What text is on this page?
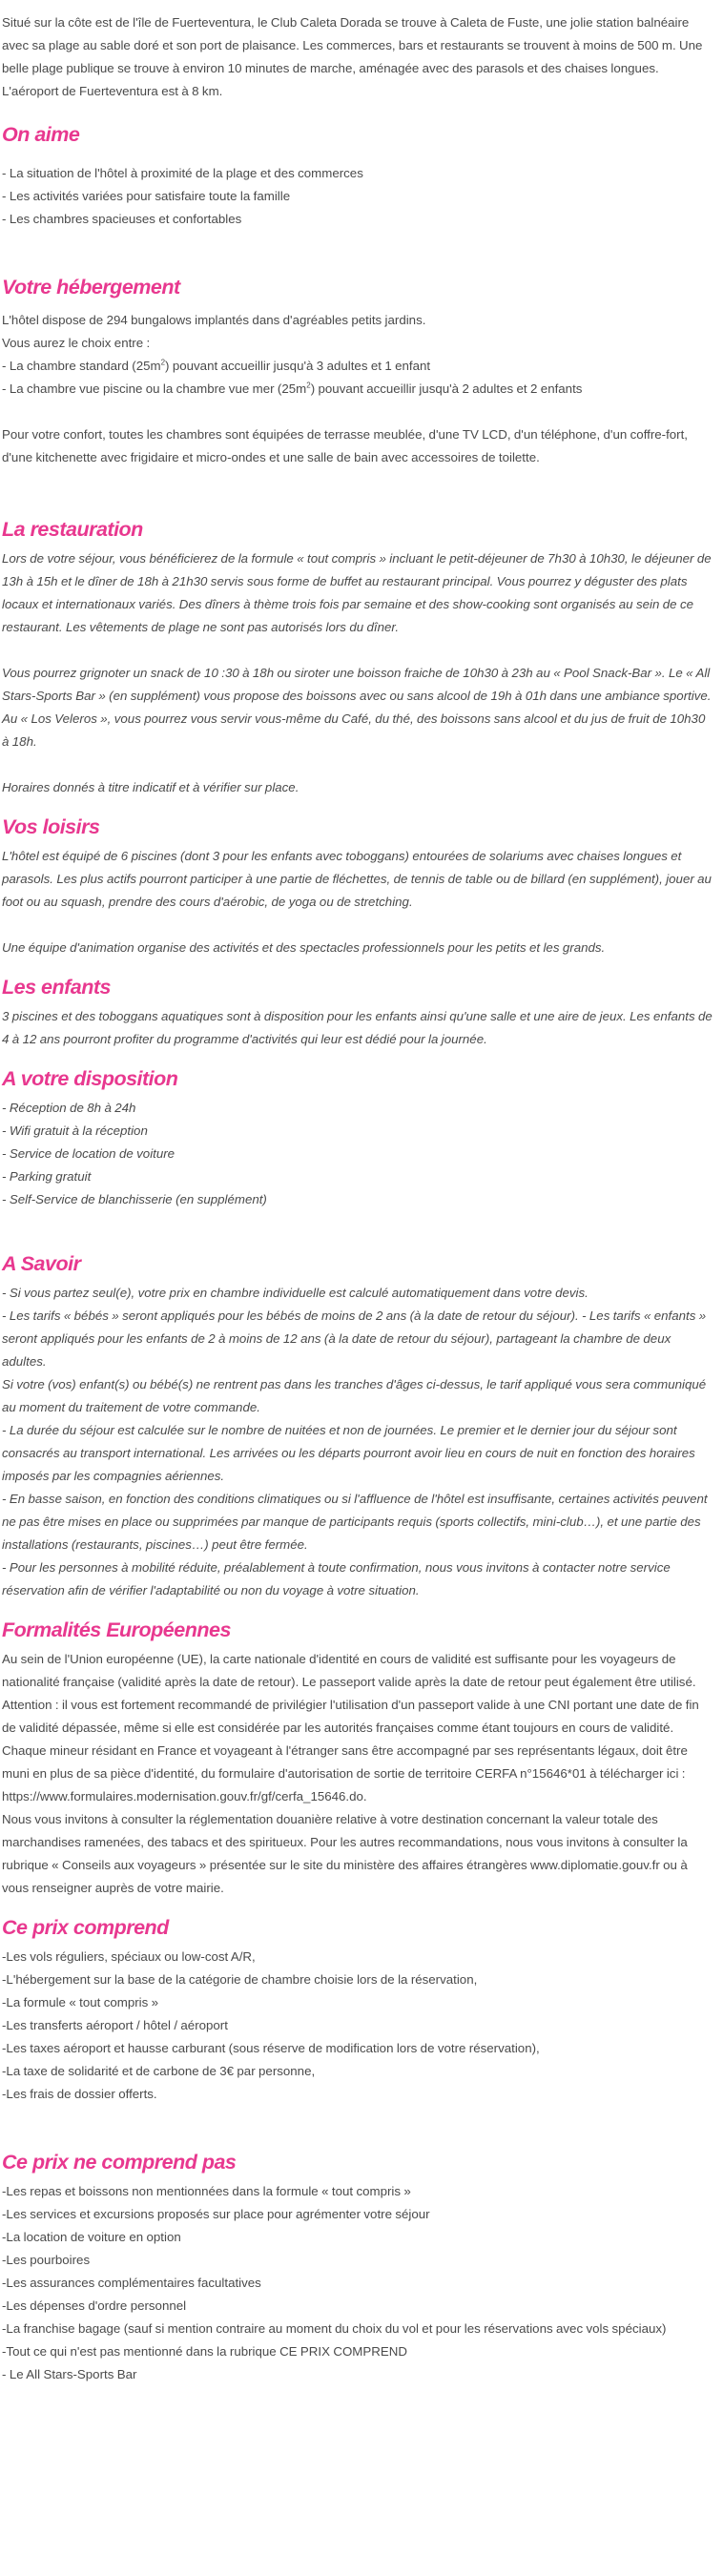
Situé sur la côte est de l'île de Fuerteventura, le Club Caleta Dorada se trouve à Caleta de Fuste, une jolie station balnéaire avec sa plage au sable doré et son port de plaisance. Les commerces, bars et restaurants se trouvent à moins de 500 m. Une belle plage publique se trouve à environ 10 minutes de marche, aménagée avec des parasols et des chaises longues. L'aéroport de Fuerteventura est à 8 km.

On aime

- La situation de l'hôtel à proximité de la plage et des commerces

- Les activités variées pour satisfaire toute la famille

- Les chambres spacieuses et confortables

Votre hébergement

L'hôtel dispose de 294 bungalows implantés dans d'agréables petits jardins.

Vous aurez le choix entre :

- La chambre standard $(25m^2)$ pouvant accueillir jusqu'à 3 adultes et 1 enfant

- La chambre vue piscine ou la chambre vue mer $(25m^2)$ pouvant accueillir jusqu'à 2 adultes et 2 enfants

Pour votre confort, toutes les chambres sont équipées de terrasse meublée, d'une TV LCD, d'un téléphone, d'un coffre-fort, d'une kitchenette avec frigidaire et micro-ondes et une salle de bain avec accessoires de toilette.

La restauration

Lors de votre séjour, vous bénéficierez de la formule « tout compris » incluant le petit-déjeuner de 7h30 à 10h30, le déjeuner de 13h à 15h et le dîner de 18h à 21h30 servis sous forme de buffet au restaurant principal. Vous pourrez y déguster des plats locaux et internationaux variés. Des dîners à thème trois fois par semaine et des show-cooking sont organisés au sein de ce restaurant. Les vêtements de plage ne sont pas autorisés lors du dîner.

Vous pourrez grignoter un snack de 10 :30 à 18h ou siroter une boisson fraiche de 10h30 à 23h au « Pool Snack-Bar ». Le « All Stars-Sports Bar » (en supplément) vous propose des boissons avec ou sans alcool de 19h à 01h dans une ambiance sportive. Au « Los Veleros », vous pourrez vous servir vous-même du Café, du thé, des boissons sans alcool et du jus de fruit de 10h30 à 18h.

Horaires donnés à titre indicatif et à vérifier sur place.

Vos loisirs

L'hôtel est équipé de 6 piscines (dont 3 pour les enfants avec toboggans) entourées de solariums avec chaises longues et parasols. Les plus actifs pourront participer à une partie de fléchettes, de tennis de table ou de billard (en supplément), jouer au foot ou au squash, prendre des cours d'aérobic, de yoga ou de stretching.

Une équipe d'animation organise des activités et des spectacles professionnels pour les petits et les grands.

Les enfants

3 piscines et des toboggans aquatiques sont à disposition pour les enfants ainsi qu'une salle et une aire de jeux. Les enfants de 4 à 12 ans pourront profiter du programme d'activités qui leur est dédié pour la journée.

A votre disposition

- Réception de 8h à 24h

- Wifi gratuit à la réception

- Service de location de voiture

- Parking gratuit

- Self-Service de blanchisserie (en supplément)

A Savoir

- Si vous partez seul(e), votre prix en chambre individuelle est calculé automatiquement dans votre devis.

- Les tarifs « bébés » seront appliqués pour les bébés de moins de 2 ans (à la date de retour du séjour). - Les tarifs « enfants » seront appliqués pour les enfants de 2 à moins de 12 ans (à la date de retour du séjour), partageant la chambre de deux adultes.

Si votre (vos) enfant(s) ou bébé(s) ne rentrent pas dans les tranches d'âges ci-dessus, le tarif appliqué vous sera communiqué au moment du traitement de votre commande.

- La durée du séjour est calculée sur le nombre de nuitées et non de journées. Le premier et le dernier jour du séjour sont consacrés au transport international. Les arrivées ou les départs pourront avoir lieu en cours de nuit en fonction des horaires imposés par les compagnies aériennes.

- En basse saison, en fonction des conditions climatiques ou si l'affluence de l'hôtel est insuffisante, certaines activités peuvent ne pas être mises en place ou supprimées par manque de participants requis (sports collectifs, mini-club…), et une partie des installations (restaurants, piscines…) peut être fermée.

- Pour les personnes à mobilité réduite, préalablement à toute confirmation, nous vous invitons à contacter notre service réservation afin de vérifier l'adaptabilité ou non du voyage à votre situation.

Formalités Européennes

Au sein de l'Union européenne (UE), la carte nationale d'identité en cours de validité est suffisante pour les voyageurs de nationalité française (validité après la date de retour). Le passeport valide après la date de retour peut également être utilisé. Attention : il vous est fortement recommandé de privilégier l'utilisation d'un passeport valide à une CNI portant une date de fin de validité dépassée, même si elle est considérée par les autorités françaises comme étant toujours en cours de validité. Chaque mineur résidant en France et voyageant à l'étranger sans être accompagné par ses représentants légaux, doit être muni en plus de sa pièce d'identité, du formulaire d'autorisation de sortie de territoire CERFA n°15646*01 à télécharger ici : https://www.formulaires.modernisation.gouv.fr/gf/cerfa_15646.do.

Nous vous invitons à consulter la réglementation douanière relative à votre destination concernant la valeur totale des marchandises ramenées, des tabacs et des spiritueux. Pour les autres recommandations, nous vous invitons à consulter la rubrique « Conseils aux voyageurs » présentée sur le site du ministère des affaires étrangères www.diplomatie.gouv.fr ou à vous renseigner auprès de votre mairie.

Ce prix comprend

-Les vols réguliers, spéciaux ou low-cost A/R,

-L'hébergement sur la base de la catégorie de chambre choisie lors de la réservation,

-La formule « tout compris »

-Les transferts aéroport / hôtel / aéroport

-Les taxes aéroport et hausse carburant (sous réserve de modification lors de votre réservation),

-La taxe de solidarité et de carbone de 3€ par personne,

-Les frais de dossier offerts.

Ce prix ne comprend pas

-Les repas et boissons non mentionnées dans la formule « tout compris »

-Les services et excursions proposés sur place pour agrémenter votre séjour

-La location de voiture en option

-Les pourboires

-Les assurances complémentaires facultatives

-Les dépenses d'ordre personnel

-La franchise bagage (sauf si mention contraire au moment du choix du vol et pour les réservations avec vols spéciaux)

-Tout ce qui n'est pas mentionné dans la rubrique CE PRIX COMPREND

- Le All Stars-Sports Bar
